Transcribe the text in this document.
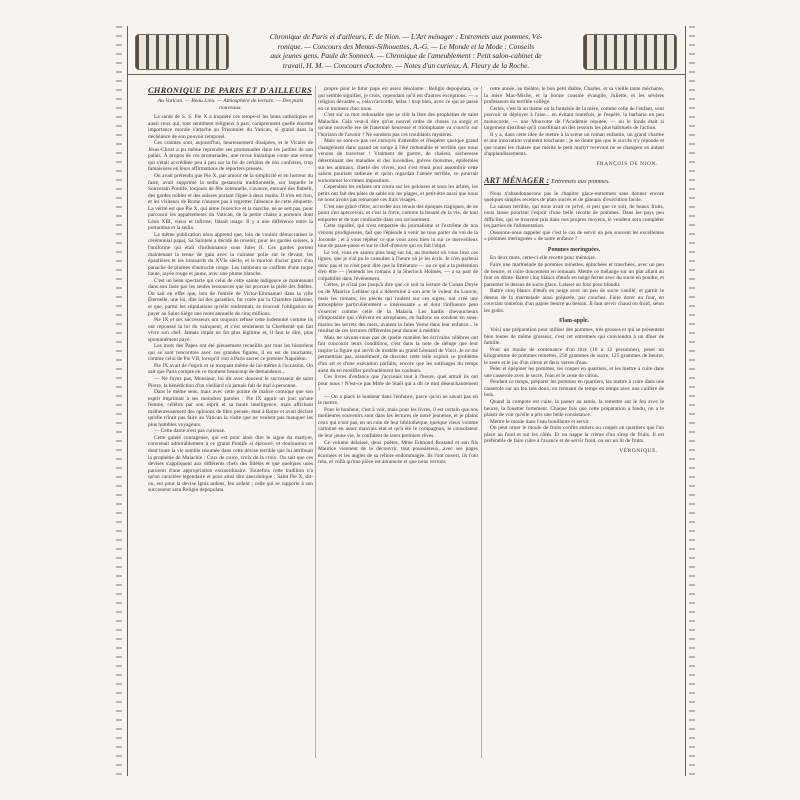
Chronique de Paris et d'ailleurs, F. de Nion. — L'Art ménager : Entremets aux pommes, Vé-
ronique. — Concours des Menus-Silhouettes, A.-G. — Le Monde et la Mode : Conseils
aux jeunes gens, Paule de Sonneck. — Chronique de l'ameublement : Petit salon-cabinet de
travail, H. M. — Concours d'octobre. — Notes d'un curieux, A. Fleury de la Roche.
CHRONIQUE DE PARIS ET D'AILLEURS
Au Vatican. — Beau Lieu. — Atmosphère de lecture. — Des puits nouveaux.

La santé de S. S. Pie X a inquiété ces temps-ci les bons catholiques et aussi ceux qui, tout sentiment religieux à part, comprennent quelle énorme importance morale s'attache au Prisonnier du Vatican, si grand dans la déchéance de son pouvoir temporel.

Ces craintes sont, aujourd'hui, heureusement dissipées, et le Vicaire de Jésus-Christ a pu même reprendre ses promenades dans les jardins de son palais. À propos de ces promenades, une revue hiératique conte une erreur qui s'était accréditée peu à peu sur la foi de certains de nos confrères, trop fantaisistes en leurs affirmations de reporters pressés.

On avait prétendu que Pie X, par amour de la simplicité et en horreur du faste, avait supprimé la sedia gestatoria traditionnelle, sur laquelle le Souverain Pontife, toujours de fête solennelle, s'avance, entouré des flabelli, des gardes nobles et des suisses portant l'épée à deux mains. Il n'en est rien, et les visiteurs de Rome n'auront pas à regretter l'absence de cette étiquette. La vérité est que Pie X, qui aime l'exercice et la marche, ne se sert pas, pour parcourir les appartements du Vatican, de la petite chaise à porteurs dont Léon XIII, vieux et infirme, faisait usage. Il y a une différence entre la portantina et la sedia.

La même publication nous apprend que, loin de vouloir démocratiser le cérémonial papal, Sa Sainteté a décidé de revenir, pour les gardes suisses, à l'uniforme qui était d'ordonnance sous Jules II. Ces gardes portent maintenant la tenue de gala avec la cuirasse polie sur le devant, les épaulières et les brassards du XVIe siècle, et le morion d'acier garni d'un panache de plumes d'autruche rouge. Les tambours se coiffent d'une toque haute, rayée rouge et jaune, avec une plume blanche.

C'est un beau spectacle qui celui de cette sainte indigence se maintenant dans son faste par les seules ressources que lui procure la piété des fidèles. On sait en effet que, lors de l'entrée de Victor-Emmanuel dans la ville Éternelle, une loi, dite loi des garanties, fut votée par la Chambre italienne, et que, parmi les stipulations qu'elle renfermait, se trouvait l'obligation de payer au Saint-Siège une rente annuelle de cinq millions.

Pie IX et ses successeurs ont toujours refusé cette indemnité comme ils ont repoussé la loi du vainqueur, et c'est seulement la Chrétienté qui fait vivre son chef. Jamais impôt ne fut plus légitime et, il faut le dire, plus spontanément payé.

Les mots des Papes ont été pieusement recueillis par tous les historiens qui se sont rencontrés avec ces grandes figures, il en est de touchants, comme celui de Pie VII, lorsqu'il vint à Paris sacrer ce premier Napoléon.

Pie IX avait de l'esprit et se moquait même de lui-même à l'occasion. On sait que Paris compte en ce moment beaucoup de demandeurs...

— Ne fuyez pas, Monsieur, lui dit avec douceur le successeur de saint Pierre, la bénédiction d'un vieillard n'a jamais fait de mal à personne.

Dans le même sens, mais avec cette pointe de malice comique que son esprit imprimait à ses moindres paroles : Pie IX apprit un jour qu'une femme, célèbre par son esprit et sa haute intelligence, mais affichant malheureusement des opinions de libre pensée, était à Rome et avait déclaré qu'elle n'irait pas faire au Vatican la visite que ne veulent pas manquer les plus humbles voyageurs.

— Cette dame n'est pas curieuse.

Cette gaieté courageuse, qui est pour ainsi dire le signe du martyre, convenait admirablement à ce grand Pontife si éprouvé, et douloureux et dont toute la vie semble résumée dans cette devise terrible que lui attribuait la prophétie de Malachie : Crux de cruce, croix de la croix. On sait que ces devises s'appliquent aux différents chefs des fidèles et que quelques unes parurent d'une appropriation extraordinaire. Toutefois cette tradition n'a qu'un caractère légendaire et pour ainsi dire anecdotique ; Saint Pie X, dit-on, eut pour la devise Ignis ardens, feu ardent ; celle qui se rapporte à son successeur sera Religio depopulata.

propre pour le futur pape est assez désolante : Religio depopulata, ce qui semble signifier, je crois, cependant qu'il est d'autres exceptions. — « religion dévastée », cela n'accorde, hélas ! trop bien, avec ce qui se passe en ce moment chez nous.

C'est sur ce mot redoutable que se clôt la liste des prophéties de saint Malachie. Cela veut-il dire qu'un nouvel ordre de choses va surgir et qu'une nouvelle ère de fraternité heureuse et triomphante va s'ouvrir sur l'horizon de l'avenir ? Ne sondons pas ces troublants mystères.

Mais ne sont-ce pas ces ennuyés d'attendre et d'espérer quelque grand changement dans quand on songe à l'été redoutable et terrible que nous venons de traverser ! Vraiment de guerre, de chaleur, sécheresse déterminant des maladies et des incendies, grèves monstres, épidémies sur les animaux, cherté des vivres, tout s'est réuni pour assombrir cette saison pourtant radieuse et qu'on regardait l'année terrible, ce pourrait surnommer le crimen impositum.

Cependant les enfants ont couru sur les pelouses et sous les arbres, les petits ont fait des pâtés de sable sur les plages, et petit-être aussi que nous ne nous avons pas remarqué ces frais visages.

C'est une grâce d'être, accordée aux tennis des époques tragiques, de ne point s'en apercevoir, et c'est la force, comme la beauté de la vie, de tout emporter et de tout confondre dans son ravissement.

Cette rapidité, qui n'est emportée du journalisme et l'extrême de nos visions prodigieuses, fait que l'épisode à venir ne tous parler du vol de la Joconde ; et à vous répéter ce que vous avez bien lu sur ce merveilleux tour de passe-passe et sur le chef-d'œuvre qui en fait l'objet.

Le vol, vous en saurez plus long sur lui, au moment où vous lirez ces lignes, que je n'ai pu le consulter à l'heure où je les écris. Je n'en parlerai donc pas et ce n'est pour dire que la littérature — ou ce qui a la prétention d'en être — j'entends les romans à la Sherlock Holmes, — a sa part de culpabilité dans l'événement.

Certes, je n'irai pas jusqu'à dire que ce soit la lecture de Conan Doyle ou de Maurice Leblanc qui a déterminé à son acte le voleur du Louvre, mais les romans, les pièces qui roulent sur ces sujets, ont créé une atmosphère particulièrement « intéressante » et dont l'influence peut s'exercer comme celle de la Malaria. Les hardis chevaucheurs d'impossible qui s'élèvent en aéroplanes, en ballons ou sondent en sous-marins les secrets des mers, avaient la Jules Verne dans leur enfance... le résultat de ces lectures différentes peut donner à méditer.

Mais ne savons-nous pas de quelle manière les écrivains célèbres ont fait concourir leurs conditions, c'est dans la note de déluge que leur inspire la figure qui servit de modèle au grand Léonard de Vinci. Je ne me permettrais pas, assurément, de discuter cette telle exploit ce problème d'un art et d'une exécution parfaits, encore que les sottisages du temps aient du en modifier profondément les couleurs.

Ces livres d'enfance que j'accusais tout à l'heure, quel attrait ils ont pour nous ! N'est-ce pas Mme de Staël qui a dit ce mot désenchantement ?

— On a placé le bonheur dans l'enfance, parce qu'on ne savait pas où le mettre.

Pour le bonheur, c'est à voir, mais pour les livres, il est certain que nos meilleures souvenirs sont dans les lectures de notre jeunesse, et je plains ceux qui n'ont pas, en un coin de leur bibliothèque, quelque vieux volume cartonné en assez mauvais état et qu'a été le compagnon, le consolateur de leur jeune vie, le confident de leurs premiers rêves.

Ce volume délaissé, deux poètes, Mme Edmond Rostand et son fils Maurice viennent de le découvrir, tout poussiéreux, avec ses pages écornées et les angles de sa reliure endommagée. Ils l'ont ouvert, ils l'ont relu, et voilà qu'une pièce est annoncée et que nous verrons

cette année, au théâtre, le bon petit diable, Charles, et sa vieille tante méchante, la mère Mac-Miche, et la bonne cousine évangile, Juliette, et les sévères professeurs du terrible collège.

Certes, c'est là un thème où la fantaisie de la mère, comme celle de l'enfant, veut pouvoir se déployer à l'aise... en évitant toutefois, je l'espère, la barbarie un peu monocorde, — une Mouvotte de l'Académie réputée, — où le fonds était si largement distribué qu'il constituait un des ressorts les plus habituels de l'action.

Il y a, dans cette idée de mettre à la scène un roman enfantin, un grand charme et une innovation vraiment touchante ; je ne doute pas que le succès n'y réponde et que toutes les chaises que mérite le petit martyr recevant ne se changent en autant d'applaudissements.

FRANÇOIS DE NION.
ART MÉNAGER : Entremets aux pommes.

Nous n'abandonnerons pas le chapitre glace-entremets sans donner encore quelques simples recettes de plats sucrés et de gâteaux d'exécution facile.

La saison terrible, qui nous avait ce privé, si peu que ce soit, de beaux fruits, nous laisse pourtant l'espoir d'une belle récolte de pommes. Dans les pays peu difficiles, qui se trouvent pris dans nos propres moyens, le vendeur sera compléter les parties de l'alimentation.

Osserons-nous rappeler que c'est le cas de servir un peu souvent les excellentes « pommes meringuées » de notre enfance ?

Pommes meringuées.

En deux mots, cette-ci elle recette pour mémoire.

Faire une marmelade de pommes reinettes, épluchées et tranchées, avec un peu de beurre, et cuire doucement en remuant. Mettre ce mélange sur un plat allant au four en dôme. Battre cinq blancs d'œufs en neige ferme avec du sucre en poudre, et parsemer le dessus de sucre glace. Laisser au four pour blondir.

Battre cinq blancs d'œufs en neige avec un peu de sucre vanillé, et garnir le dessus de la marmelade ainsi préparée, par couches. Faire dorer au four, en couvrant toutefois d'un papier beurré au besoin. Il faut servir chaud ou froid, selon les goûts.

Flam-apple.

Voici une préparation pour utiliser des pommes, très grosses et qui se présentent bien toutes de même grosseur, c'est cet entremets qui conviendra à un dîner de famille.

Pour un moule de contenance d'un litre (10 à 12 personnes), peser un kilogramme de pommes reinettes, 250 grammes de sucre, 125 grammes de beurre, le zeste et le jus d'un citron et deux verres d'eau.

Peler et épépiner les pommes, les couper en quartiers, et les mettre à cuire dans une casserole avec le sucre, l'eau et le zeste de citron.

Pendant ce temps, préparer les pommes en quartiers, les mettre à cuire dans une casserole sur un feu très doux, en remuant de temps en temps avec une cuillère de bois.

Quand la compote est cuite, la passer au tamis, la remettre sur le feu avec le beurre, la fouetter fortement. Chaque fois que cette préparation a fondu, on a le plaisir de voir qu'elle a pris une belle consistance.

Mettre le moule dans l'eau bouillante et servir.

On peut orner le moule de fruits confits entiers ou coupés en quartiers que l'on place au fond et sur les côtés. Et on nappe la crème d'un sirop de fruits. Il est préférable de faire cuire à l'avance et de servir froid, ou sur un lit de fruits.

VÉRONIQUE.
